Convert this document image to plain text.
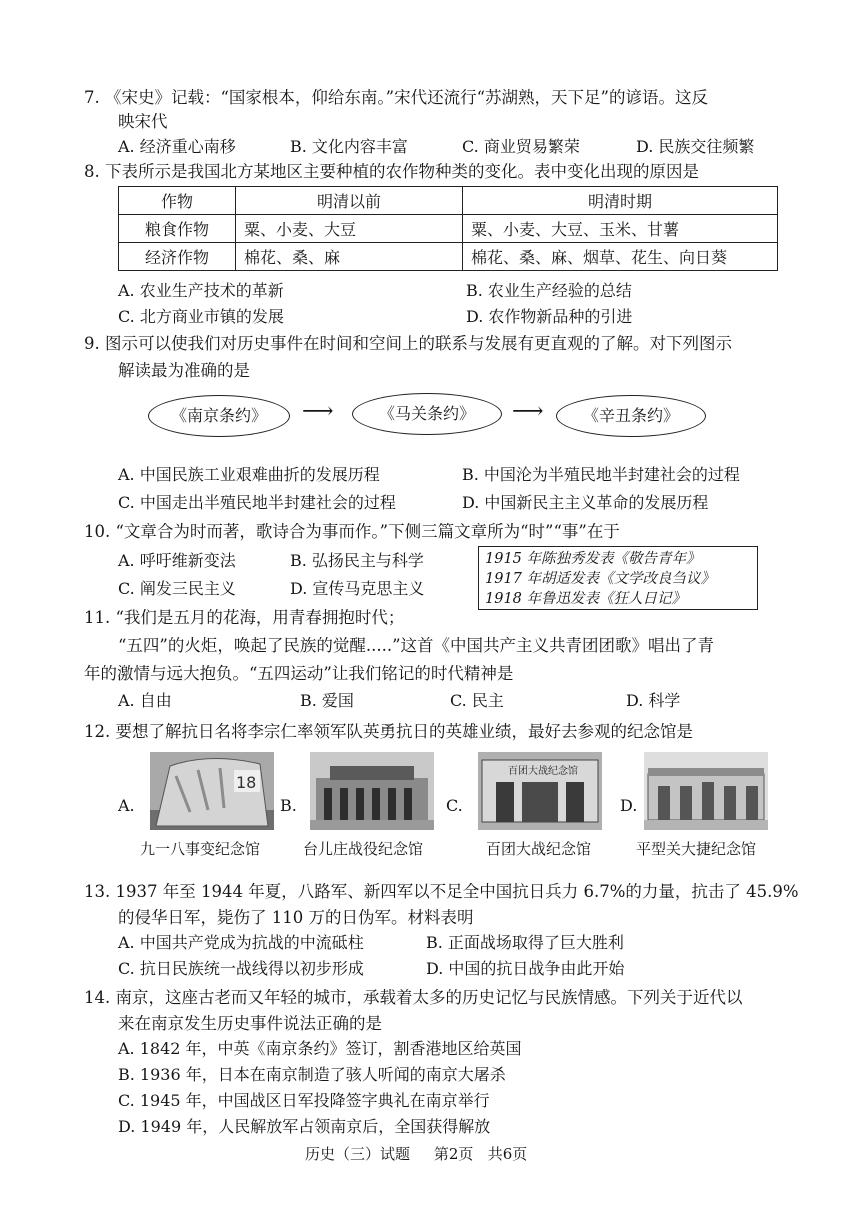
7. 《宋史》记载：“国家根本，仰给东南。”宋代还流行“苏湖熟，天下足”的谚语。这反
映宋代
A. 经济重心南移	B. 文化内容丰富	C. 商业贸易繁荣	D. 民族交往频繁
8. 下表所示是我国北方某地区主要种植的农作物种类的变化。表中变化出现的原因是
作物	明清以前	明清时期
粮食作物	粟、小麦、大豆	粟、小麦、大豆、玉米、甘薯
经济作物	棉花、桑、麻	棉花、桑、麻、烟草、花生、向日葵
A. 农业生产技术的革新	B. 农业生产经验的总结
C. 北方商业市镇的发展	D. 农作物新品种的引进
9. 图示可以使我们对历史事件在时间和空间上的联系与发展有更直观的了解。对下列图示
解读最为准确的是
《南京条约》	⟶	《马关条约》	⟶	《辛丑条约》
A. 中国民族工业艰难曲折的发展历程	B. 中国沦为半殖民地半封建社会的过程
C. 中国走出半殖民地半封建社会的过程	D. 中国新民主主义革命的发展历程
10. “文章合为时而著，歌诗合为事而作。”下侧三篇文章所为“时”“事”在于
A. 呼吁维新变法	B. 弘扬民主与科学
C. 阐发三民主义	D. 宣传马克思主义
1915 年陈独秀发表《敬告青年》
1917 年胡适发表《文学改良刍议》
1918 年鲁迅发表《狂人日记》
11. “我们是五月的花海，用青春拥抱时代；
“五四”的火炬，唤起了民族的觉醒.....”这首《中国共产主义共青团团歌》唱出了青
年的激情与远大抱负。“五四运动”让我们铭记的时代精神是
A. 自由	B. 爱国	C. 民主	D. 科学
12. 要想了解抗日名将李宗仁率领军队英勇抗日的英雄业绩，最好去参观的纪念馆是
A.
18
B.	C.
百团大战纪念馆
D.
九一八事变纪念馆	台儿庄战役纪念馆	百团大战纪念馆	平型关大捷纪念馆
13. 1937 年至 1944 年夏，八路军、新四军以不足全中国抗日兵力 6.7%的力量，抗击了 45.9%
的侵华日军，毙伤了 110 万的日伪军。材料表明
A. 中国共产党成为抗战的中流砥柱	B. 正面战场取得了巨大胜利
C. 抗日民族统一战线得以初步形成	D. 中国的抗日战争由此开始
14. 南京，这座古老而又年轻的城市，承载着太多的历史记忆与民族情感。下列关于近代以
来在南京发生历史事件说法正确的是
A. 1842 年，中英《南京条约》签订，割香港地区给英国
B. 1936 年，日本在南京制造了骇人听闻的南京大屠杀
C. 1945 年，中国战区日军投降签字典礼在南京举行
D. 1949 年，人民解放军占领南京后，全国获得解放
历史（三）试题 第2页 共6页
